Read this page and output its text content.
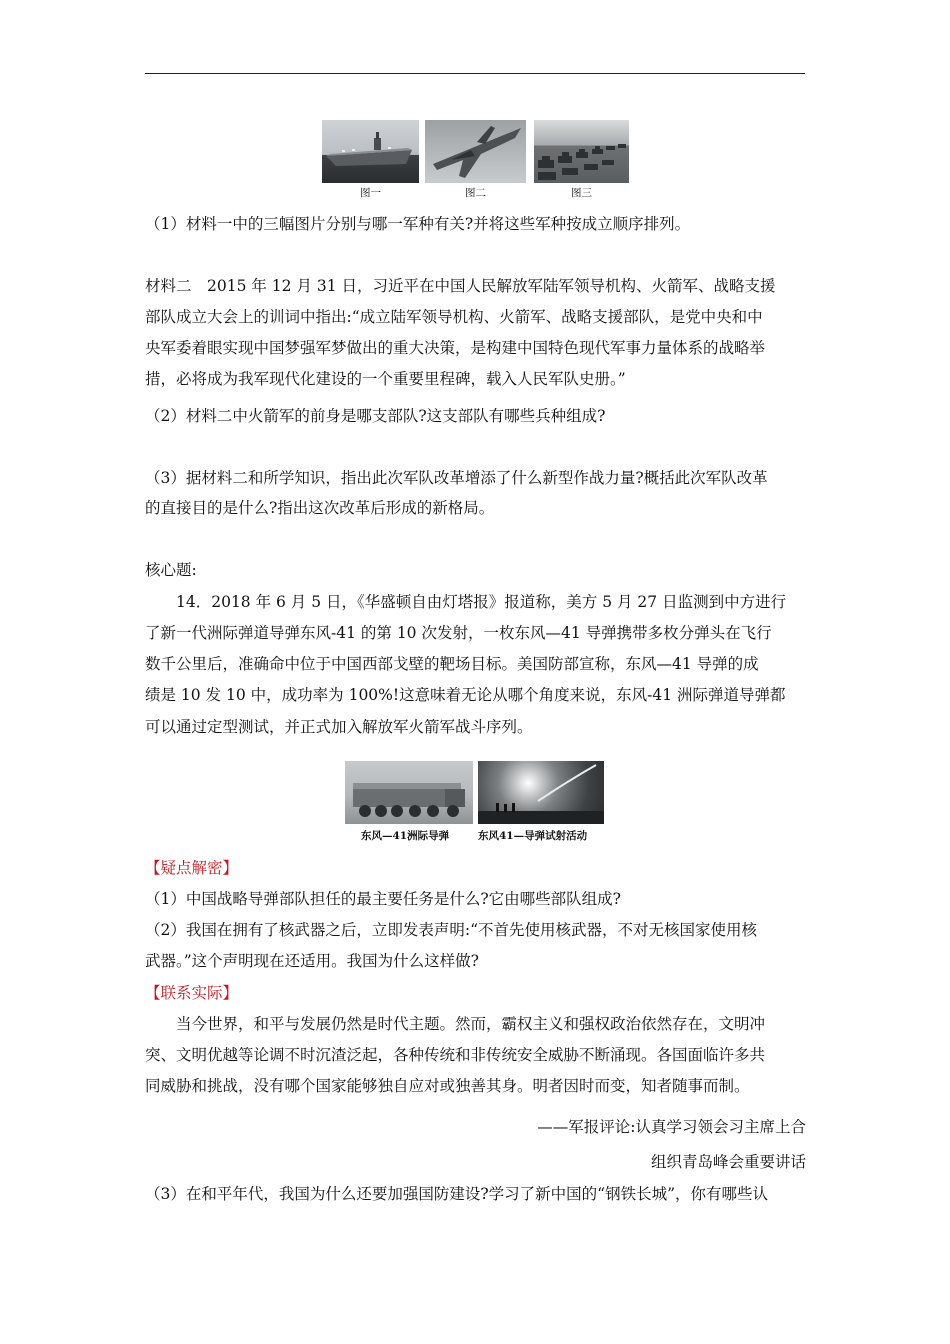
图一	图二	图三
（1）材料一中的三幅图片分别与哪一军种有关?并将这些军种按成立顺序排列。
材料二　2015 年 12 月 31 日，习近平在中国人民解放军陆军领导机构、火箭军、战略支援
部队成立大会上的训词中指出:“成立陆军领导机构、火箭军、战略支援部队，是党中央和中
央军委着眼实现中国梦强军梦做出的重大决策，是构建中国特色现代军事力量体系的战略举
措，必将成为我军现代化建设的一个重要里程碑，载入人民军队史册。”
（2）材料二中火箭军的前身是哪支部队?这支部队有哪些兵种组成?
（3）据材料二和所学知识，指出此次军队改革增添了什么新型作战力量?概括此次军队改革
的直接目的是什么?指出这次改革后形成的新格局。
核心题:
14．2018 年 6 月 5 日，《华盛顿自由灯塔报》报道称，美方 5 月 27 日监测到中方进行
了新一代洲际弹道导弹东风-41 的第 10 次发射，一枚东风—41 导弹携带多枚分弹头在飞行
数千公里后，准确命中位于中国西部戈壁的靶场目标。美国防部宣称，东风—41 导弹的成
绩是 10 发 10 中，成功率为 100%!这意味着无论从哪个角度来说，东风-41 洲际弹道导弹都
可以通过定型测试，并正式加入解放军火箭军战斗序列。
东风—41洲际导弹	东风41—导弹试射活动
【疑点解密】
（1）中国战略导弹部队担任的最主要任务是什么?它由哪些部队组成?
（2）我国在拥有了核武器之后，立即发表声明:“不首先使用核武器，不对无核国家使用核
武器。”这个声明现在还适用。我国为什么这样做?
【联系实际】
当今世界，和平与发展仍然是时代主题。然而，霸权主义和强权政治依然存在，文明冲
突、文明优越等论调不时沉渣泛起，各种传统和非传统安全威胁不断涌现。各国面临许多共
同威胁和挑战，没有哪个国家能够独自应对或独善其身。明者因时而变，知者随事而制。
——军报评论:认真学习领会习主席上合
组织青岛峰会重要讲话
（3）在和平年代，我国为什么还要加强国防建设?学习了新中国的“钢铁长城”，你有哪些认
